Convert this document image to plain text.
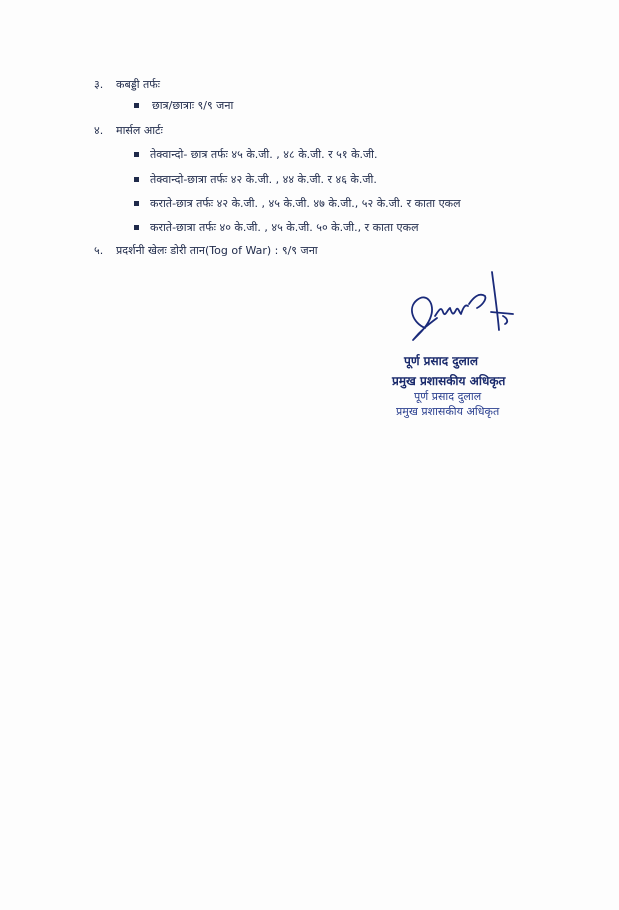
३. कबड्डी तर्फः
छात्र/छात्राः ९/९ जना
४. मार्सल आर्टः
तेक्वान्दो- छात्र तर्फः ४५ के.जी. , ४८ के.जी. र ५१ के.जी.
तेक्वान्दो-छात्रा तर्फः ४२ के.जी. , ४४ के.जी. र ४६ के.जी.
कराते-छात्र तर्फः ४२ के.जी. , ४५ के.जी. ४७ के.जी., ५२ के.जी. र काता एकल
कराते-छात्रा तर्फः ४० के.जी. , ४५ के.जी. ५० के.जी., र काता एकल
५. प्रदर्शनी खेलः डोरी तान(Tog of War) : ९/९ जना
पूर्ण प्रसाद दुलाल
प्रमुख प्रशासकीय अधिकृत
पूर्ण प्रसाद दुलाल
प्रमुख प्रशासकीय अधिकृत
